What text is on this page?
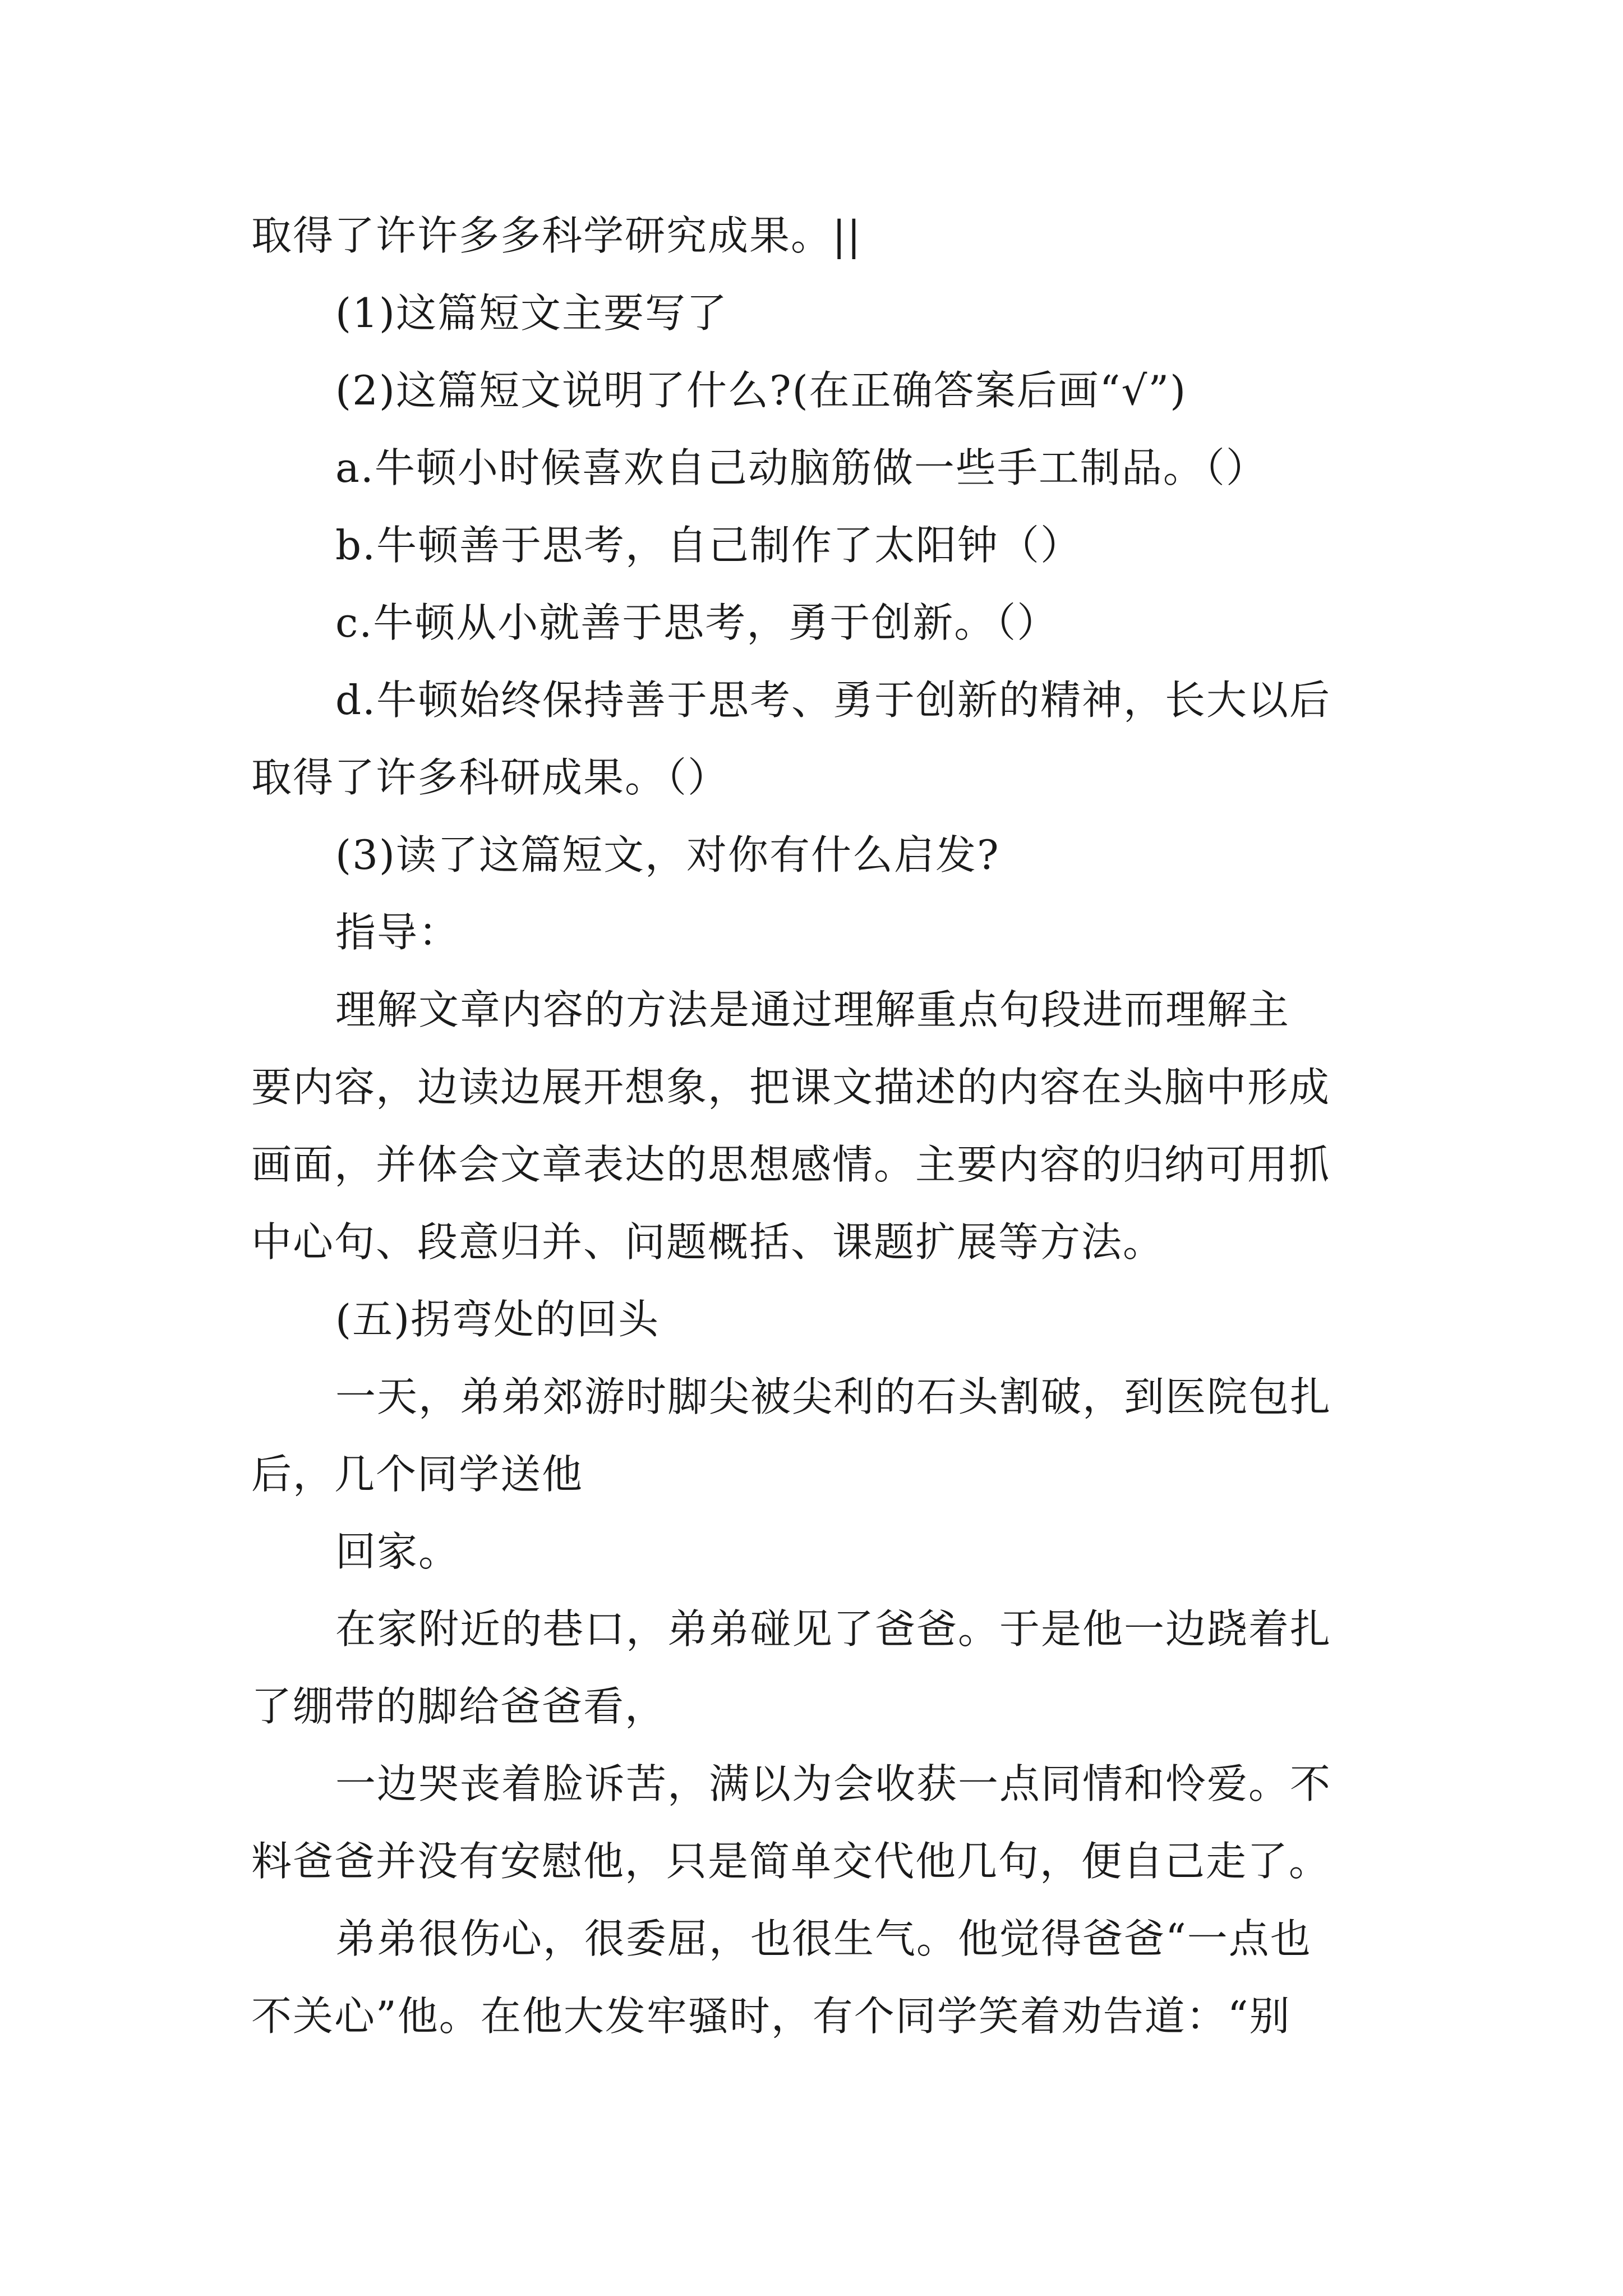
取得了许许多多科学研究成果。||
(1)这篇短文主要写了
(2)这篇短文说明了什么?(在正确答案后画“√”)
a.牛顿小时候喜欢自己动脑筋做一些手工制品。（）
b.牛顿善于思考，自己制作了太阳钟（）
c.牛顿从小就善于思考，勇于创新。（）
d.牛顿始终保持善于思考、勇于创新的精神，长大以后
取得了许多科研成果。（）
(3)读了这篇短文，对你有什么启发?
指导：
理解文章内容的方法是通过理解重点句段进而理解主
要内容，边读边展开想象，把课文描述的内容在头脑中形成
画面，并体会文章表达的思想感情。主要内容的归纳可用抓
中心句、段意归并、问题概括、课题扩展等方法。
(五)拐弯处的回头
一天，弟弟郊游时脚尖被尖利的石头割破，到医院包扎
后，几个同学送他
回家。
在家附近的巷口，弟弟碰见了爸爸。于是他一边跷着扎
了绷带的脚给爸爸看，
一边哭丧着脸诉苦，满以为会收获一点同情和怜爱。不
料爸爸并没有安慰他，只是简单交代他几句，便自己走了。
弟弟很伤心，很委屈，也很生气。他觉得爸爸“一点也
不关心”他。在他大发牢骚时，有个同学笑着劝告道：“别
